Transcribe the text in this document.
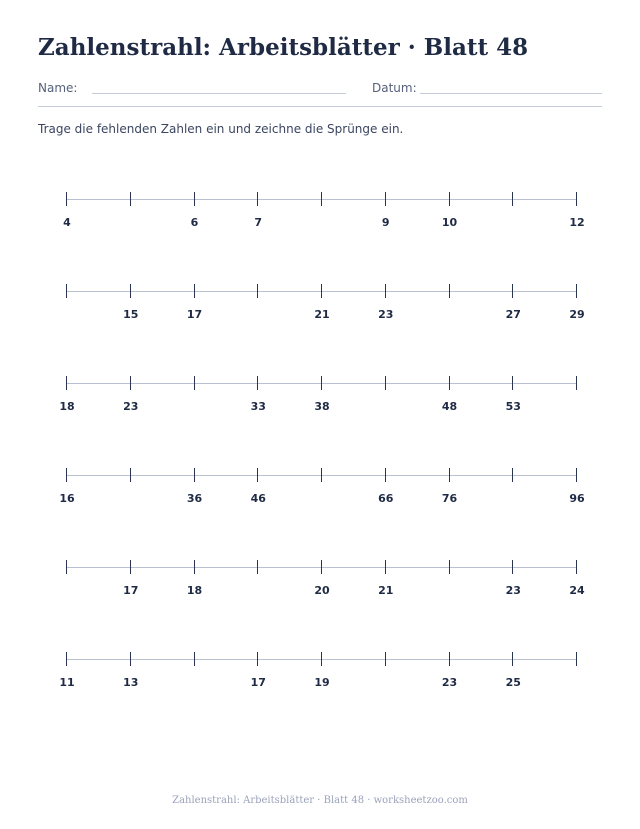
Zahlenstrahl: Arbeitsblätter · Blatt 48
Name:	Datum:
Trage die fehlenden Zahlen ein und zeichne die Sprünge ein.
4	6	7	9	10	12
15	17	21	23	27	29
18	23	33	38	48	53
16	36	46	66	76	96
17	18	20	21	23	24
11	13	17	19	23	25
Zahlenstrahl: Arbeitsblätter · Blatt 48 · worksheetzoo.com
